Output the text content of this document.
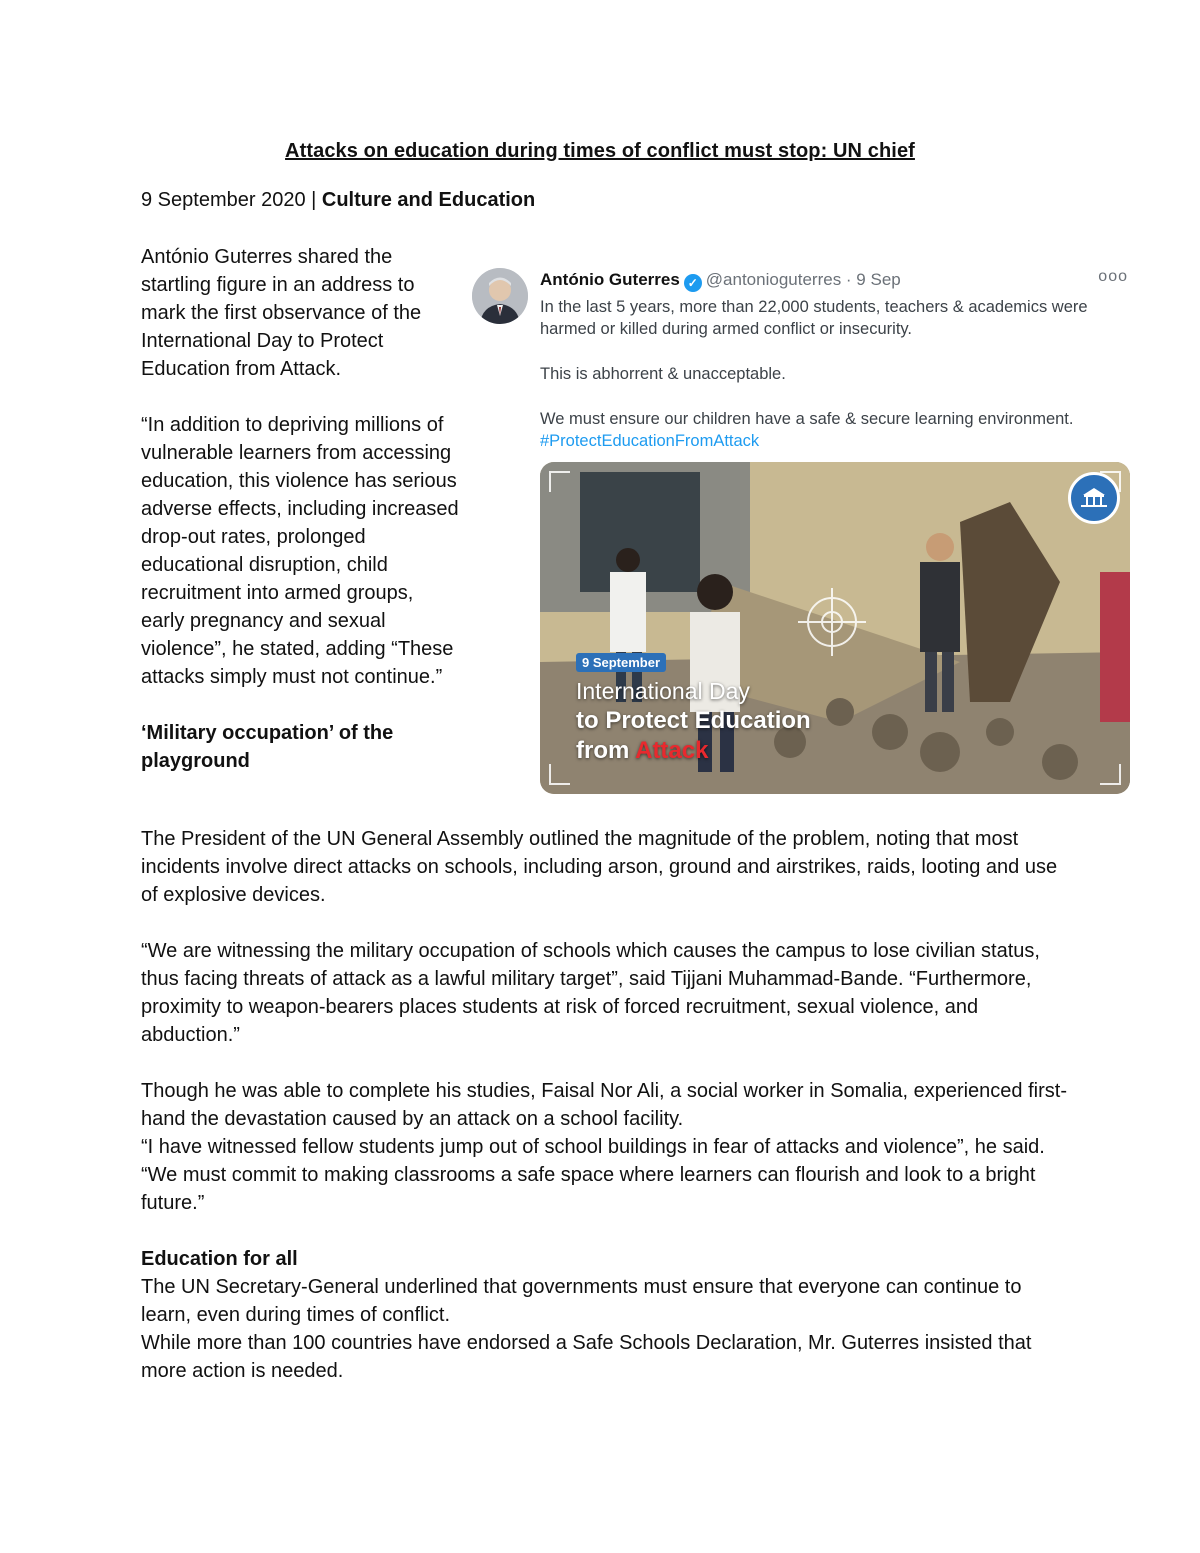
Attacks on education during times of conflict must stop: UN chief
9 September 2020 | Culture and Education

António Guterres shared the startling figure in an address to mark the first observance of the International Day to Protect Education from Attack.

“In addition to depriving millions of vulnerable learners from accessing education, this violence has serious adverse effects, including increased drop-out rates, prolonged educational disruption, child recruitment into armed groups, early pregnancy and sexual violence”, he stated, adding “These attacks simply must not continue.”

‘Military occupation’ of the playground
António Guterres ✓ @antonioguterres · 9 Sep	ooo

In the last 5 years, more than 22,000 students, teachers & academics were harmed or killed during armed conflict or insecurity.

This is abhorrent & unacceptable.

We must ensure our children have a safe & secure learning environment.

#ProtectEducationFromAttack

9 September
International Day
to Protect Education
from Attack

The President of the UN General Assembly outlined the magnitude of the problem, noting that most incidents involve direct attacks on schools, including arson, ground and airstrikes, raids, looting and use of explosive devices.

“We are witnessing the military occupation of schools which causes the campus to lose civilian status, thus facing threats of attack as a lawful military target”, said Tijjani Muhammad-Bande. “Furthermore, proximity to weapon-bearers places students at risk of forced recruitment, sexual violence, and abduction.”

Though he was able to complete his studies, Faisal Nor Ali, a social worker in Somalia, experienced first-hand the devastation caused by an attack on a school facility.

“I have witnessed fellow students jump out of school buildings in fear of attacks and violence”, he said. “We must commit to making classrooms a safe space where learners can flourish and look to a bright future.”

Education for all

The UN Secretary-General underlined that governments must ensure that everyone can continue to learn, even during times of conflict.

While more than 100 countries have endorsed a Safe Schools Declaration, Mr. Guterres insisted that more action is needed.
